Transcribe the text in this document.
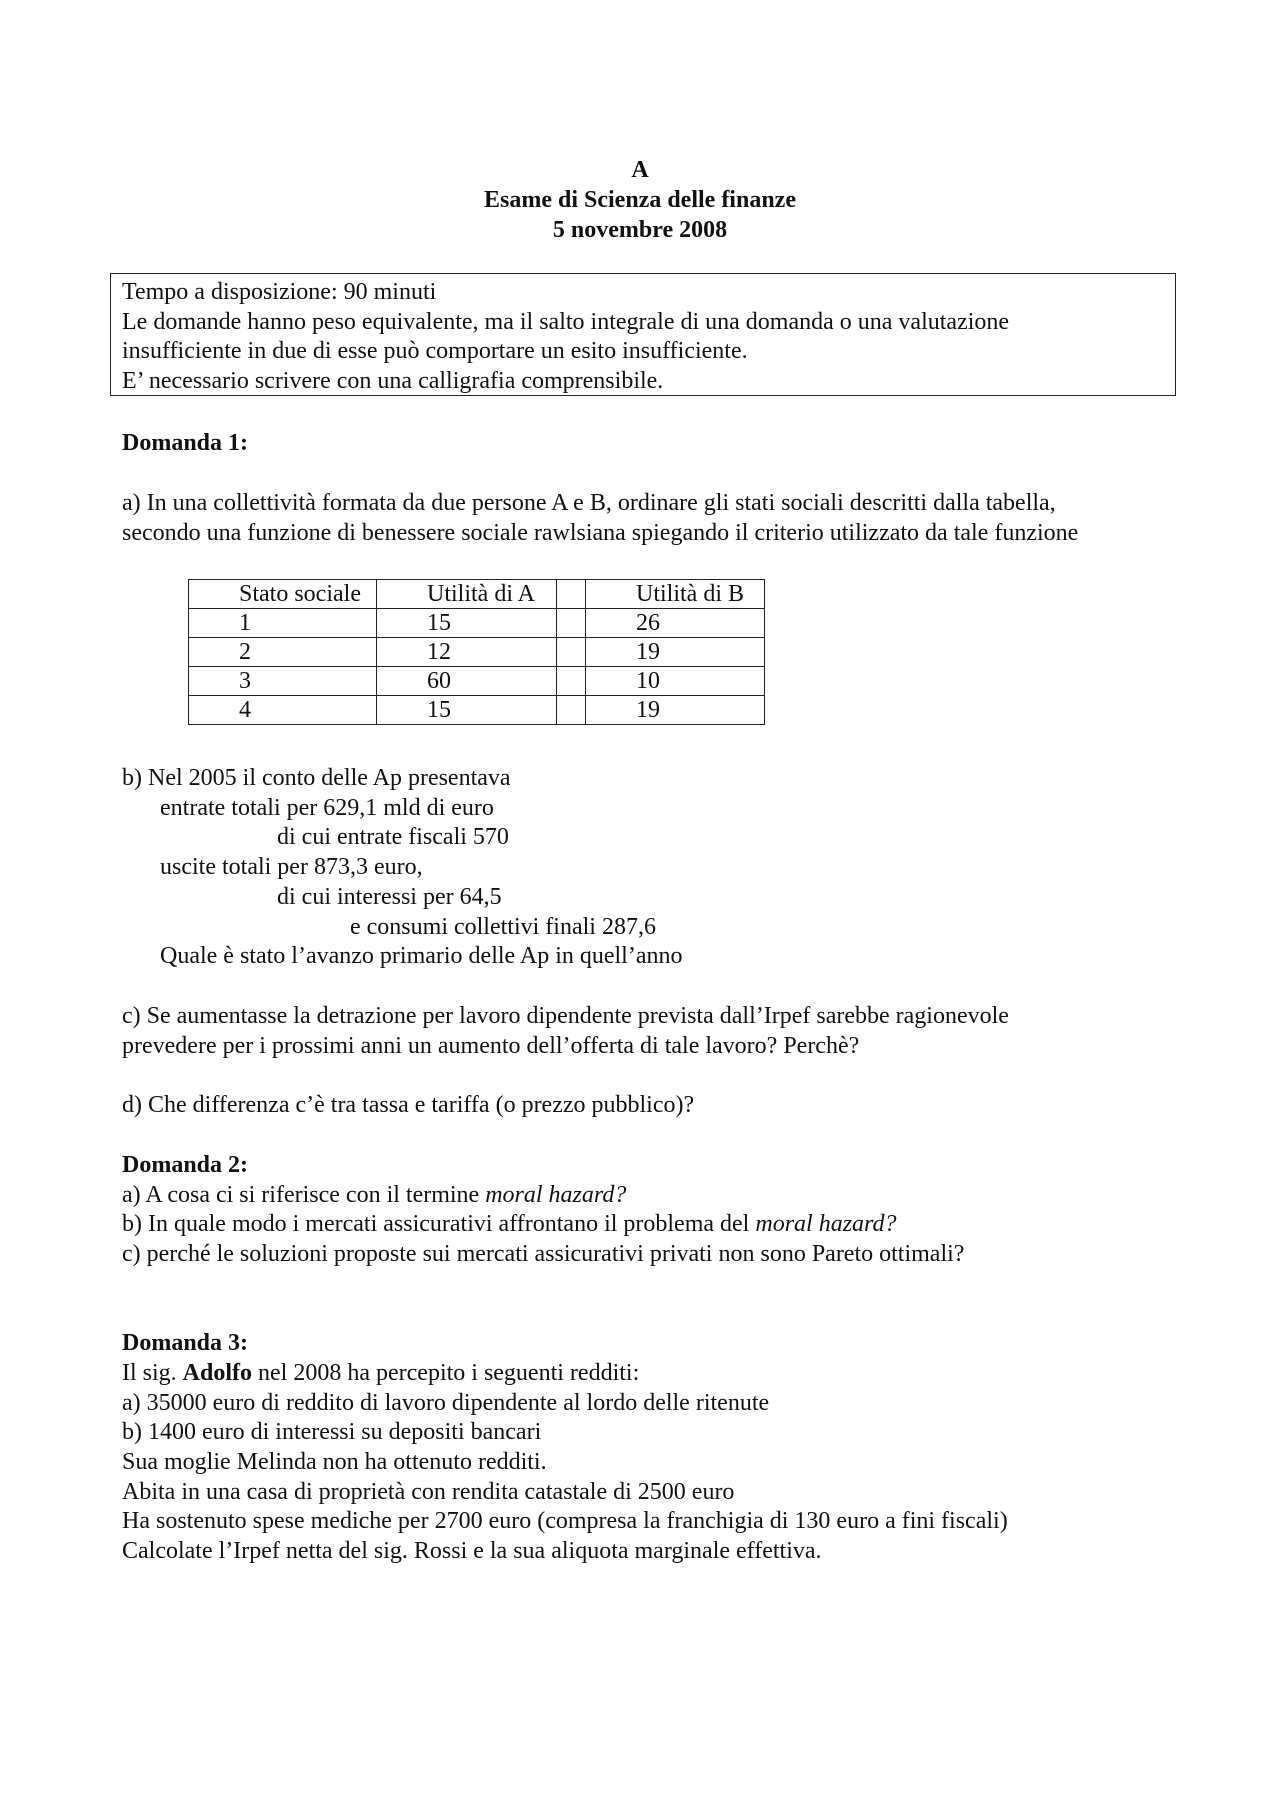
A
Esame di Scienza delle finanze
5 novembre 2008
Tempo a disposizione: 90 minuti
Le domande hanno peso equivalente, ma il salto integrale di una domanda o una valutazione
insufficiente in due di esse può comportare un esito insufficiente.
E’ necessario scrivere con una calligrafia comprensibile.
Domanda 1:
a) In una collettività formata da due persone A e B, ordinare gli stati sociali descritti dalla tabella,
secondo una funzione di benessere sociale rawlsiana spiegando il criterio utilizzato da tale funzione
Stato sociale	Utilità di A		Utilità di B
1	15		26
2	12		19
3	60		10
4	15		19
b) Nel 2005 il conto delle Ap presentava
entrate totali per 629,1 mld di euro
di cui entrate fiscali 570
uscite totali per 873,3 euro,
di cui interessi per 64,5
e consumi collettivi finali 287,6
Quale è stato l’avanzo primario delle Ap in quell’anno
c) Se aumentasse la detrazione per lavoro dipendente prevista dall’Irpef sarebbe ragionevole
prevedere per i prossimi anni un aumento dell’offerta di tale lavoro? Perchè?
d) Che differenza c’è tra tassa e tariffa (o prezzo pubblico)?
Domanda 2:
a) A cosa ci si riferisce con il termine moral hazard?
b) In quale modo i mercati assicurativi affrontano il problema del moral hazard?
c) perché le soluzioni proposte sui mercati assicurativi privati non sono Pareto ottimali?
Domanda 3:
Il sig. Adolfo nel 2008 ha percepito i seguenti redditi:
a) 35000 euro di reddito di lavoro dipendente al lordo delle ritenute
b) 1400 euro di interessi su depositi bancari
Sua moglie Melinda non ha ottenuto redditi.
Abita in una casa di proprietà con rendita catastale di 2500 euro
Ha sostenuto spese mediche per 2700 euro (compresa la franchigia di 130 euro a fini fiscali)
Calcolate l’Irpef netta del sig. Rossi e la sua aliquota marginale effettiva.
